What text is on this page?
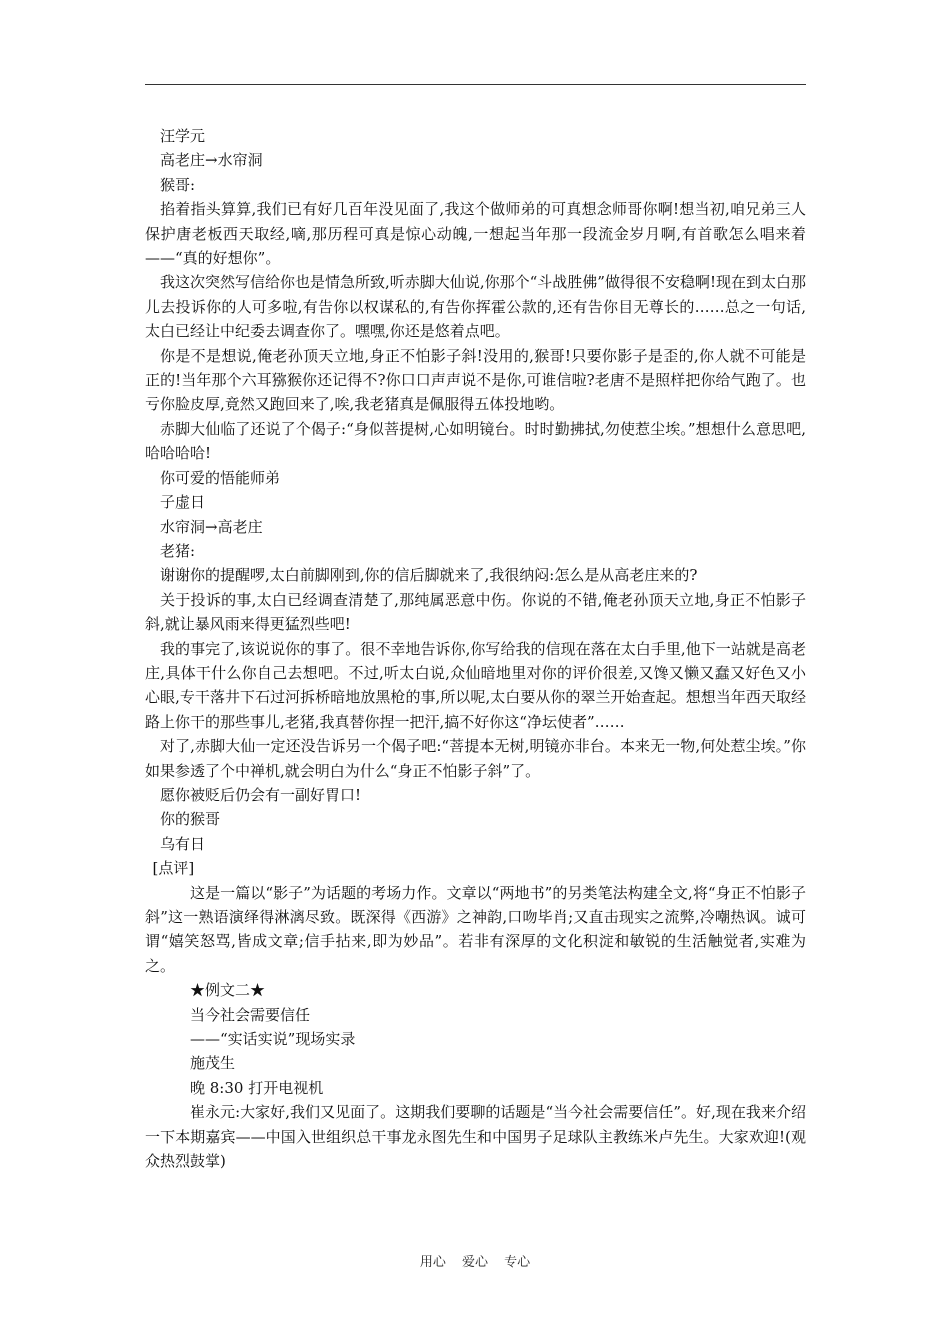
汪学元

高老庄→水帘洞

猴哥:

掐着指头算算,我们已有好几百年没见面了,我这个做师弟的可真想念师哥你啊!想当初,咱兄弟三人保护唐老板西天取经,嘀,那历程可真是惊心动魄,一想起当年那一段流金岁月啊,有首歌怎么唱来着——“真的好想你”。

我这次突然写信给你也是情急所致,听赤脚大仙说,你那个“斗战胜佛”做得很不安稳啊!现在到太白那儿去投诉你的人可多啦,有告你以权谋私的,有告你挥霍公款的,还有告你目无尊长的……总之一句话,太白已经让中纪委去调查你了。嘿嘿,你还是悠着点吧。

你是不是想说,俺老孙顶天立地,身正不怕影子斜!没用的,猴哥!只要你影子是歪的,你人就不可能是正的!当年那个六耳猕猴你还记得不?你口口声声说不是你,可谁信啦?老唐不是照样把你给气跑了。也亏你脸皮厚,竟然又跑回来了,唉,我老猪真是佩服得五体投地哟。

赤脚大仙临了还说了个偈子:“身似菩提树,心如明镜台。时时勤拂拭,勿使惹尘埃。”想想什么意思吧,哈哈哈哈!

你可爱的悟能师弟

子虚日

水帘洞→高老庄

老猪:

谢谢你的提醒啰,太白前脚刚到,你的信后脚就来了,我很纳闷:怎么是从高老庄来的?

关于投诉的事,太白已经调查清楚了,那纯属恶意中伤。你说的不错,俺老孙顶天立地,身正不怕影子斜,就让暴风雨来得更猛烈些吧!

我的事完了,该说说你的事了。很不幸地告诉你,你写给我的信现在落在太白手里,他下一站就是高老庄,具体干什么你自己去想吧。不过,听太白说,众仙暗地里对你的评价很差,又馋又懒又蠢又好色又小心眼,专干落井下石过河拆桥暗地放黑枪的事,所以呢,太白要从你的翠兰开始查起。想想当年西天取经路上你干的那些事儿,老猪,我真替你捏一把汗,搞不好你这“净坛使者”……

对了,赤脚大仙一定还没告诉另一个偈子吧:“菩提本无树,明镜亦非台。本来无一物,何处惹尘埃。”你如果参透了个中禅机,就会明白为什么“身正不怕影子斜”了。

愿你被贬后仍会有一副好胃口!

你的猴哥

乌有日

[点评]

这是一篇以“影子”为话题的考场力作。文章以“两地书”的另类笔法构建全文,将“身正不怕影子斜”这一熟语演绎得淋漓尽致。既深得《西游》之神韵,口吻毕肖;又直击现实之流弊,冷嘲热讽。诚可谓“嬉笑怒骂,皆成文章;信手拈来,即为妙品”。若非有深厚的文化积淀和敏锐的生活触觉者,实难为之。

★例文二★

当今社会需要信任

——“实话实说”现场实录

施茂生

晚 8:30 打开电视机

崔永元:大家好,我们又见面了。这期我们要聊的话题是“当今社会需要信任”。好,现在我来介绍一下本期嘉宾——中国入世组织总干事龙永图先生和中国男子足球队主教练米卢先生。大家欢迎!(观众热烈鼓掌)

用心 爱心 专心
